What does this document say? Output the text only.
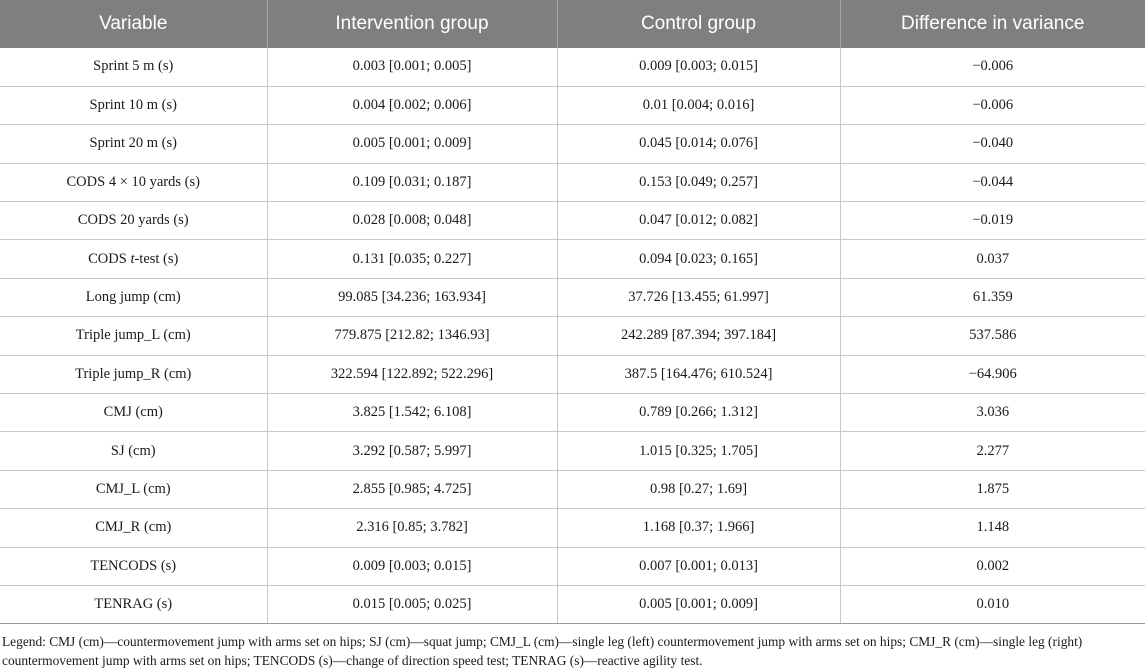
Variable	Intervention group	Control group	Difference in variance
Sprint 5 m (s)	0.003 [0.001; 0.005]	0.009 [0.003; 0.015]	−0.006
Sprint 10 m (s)	0.004 [0.002; 0.006]	0.01 [0.004; 0.016]	−0.006
Sprint 20 m (s)	0.005 [0.001; 0.009]	0.045 [0.014; 0.076]	−0.040
CODS 4 × 10 yards (s)	0.109 [0.031; 0.187]	0.153 [0.049; 0.257]	−0.044
CODS 20 yards (s)	0.028 [0.008; 0.048]	0.047 [0.012; 0.082]	−0.019
CODS t-test (s)	0.131 [0.035; 0.227]	0.094 [0.023; 0.165]	0.037
Long jump (cm)	99.085 [34.236; 163.934]	37.726 [13.455; 61.997]	61.359
Triple jump_L (cm)	779.875 [212.82; 1346.93]	242.289 [87.394; 397.184]	537.586
Triple jump_R (cm)	322.594 [122.892; 522.296]	387.5 [164.476; 610.524]	−64.906
CMJ (cm)	3.825 [1.542; 6.108]	0.789 [0.266; 1.312]	3.036
SJ (cm)	3.292 [0.587; 5.997]	1.015 [0.325; 1.705]	2.277
CMJ_L (cm)	2.855 [0.985; 4.725]	0.98 [0.27; 1.69]	1.875
CMJ_R (cm)	2.316 [0.85; 3.782]	1.168 [0.37; 1.966]	1.148
TENCODS (s)	0.009 [0.003; 0.015]	0.007 [0.001; 0.013]	0.002
TENRAG (s)	0.015 [0.005; 0.025]	0.005 [0.001; 0.009]	0.010
Legend: CMJ (cm)—countermovement jump with arms set on hips; SJ (cm)—squat jump; CMJ_L (cm)—single leg (left) countermovement jump with arms set on hips; CMJ_R (cm)—single leg (right) countermovement jump with arms set on hips; TENCODS (s)—change of direction speed test; TENRAG (s)—reactive agility test.
